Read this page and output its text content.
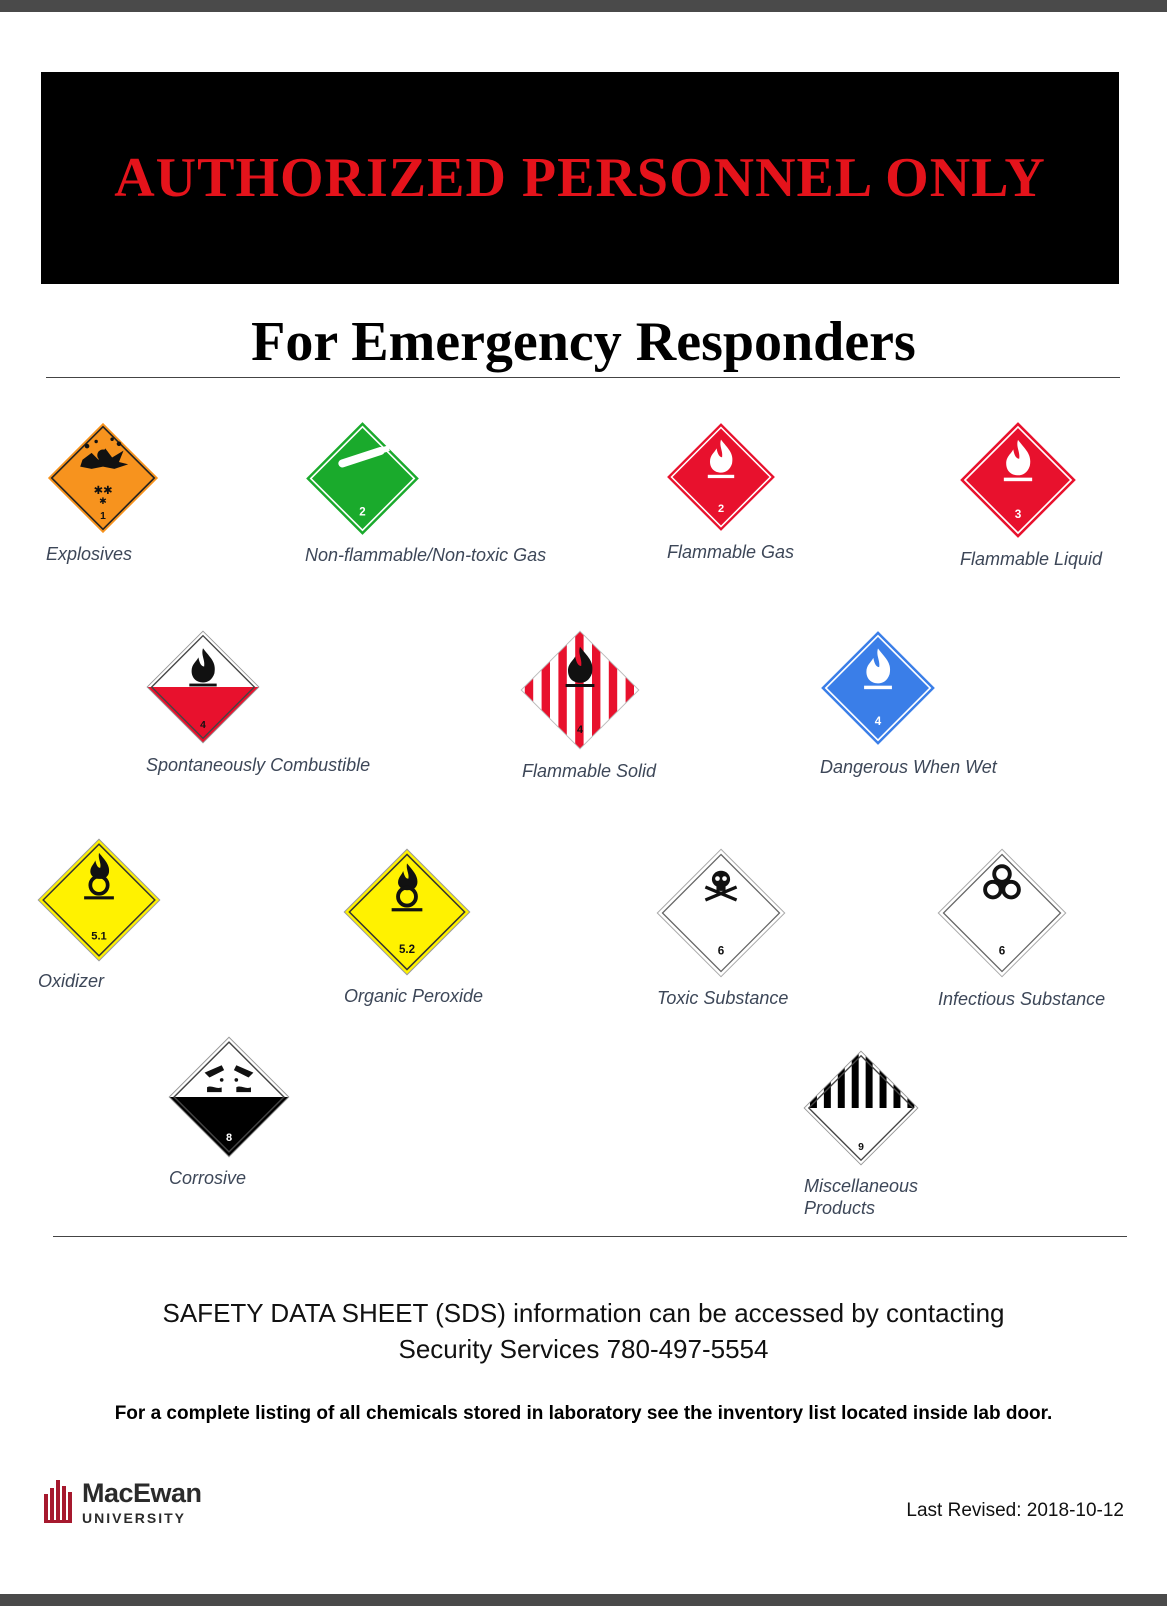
AUTHORIZED PERSONNEL ONLY
For Emergency Responders
✱✱
✱
1
Explosives
2
Non-flammable/Non-toxic Gas
2
Flammable Gas
3
Flammable Liquid
4
Spontaneously Combustible
4
Flammable Solid
4
Dangerous When Wet
5.1
Oxidizer
5.2
Organic Peroxide
6
Toxic Substance
6
Infectious Substance
8
Corrosive
9
Miscellaneous
Products
SAFETY DATA SHEET (SDS) information can be accessed by contacting
Security Services 780-497-5554
For a complete listing of all chemicals stored in laboratory see the inventory list located inside lab door.
MacEwan
UNIVERSITY	Last Revised: 2018-10-12
